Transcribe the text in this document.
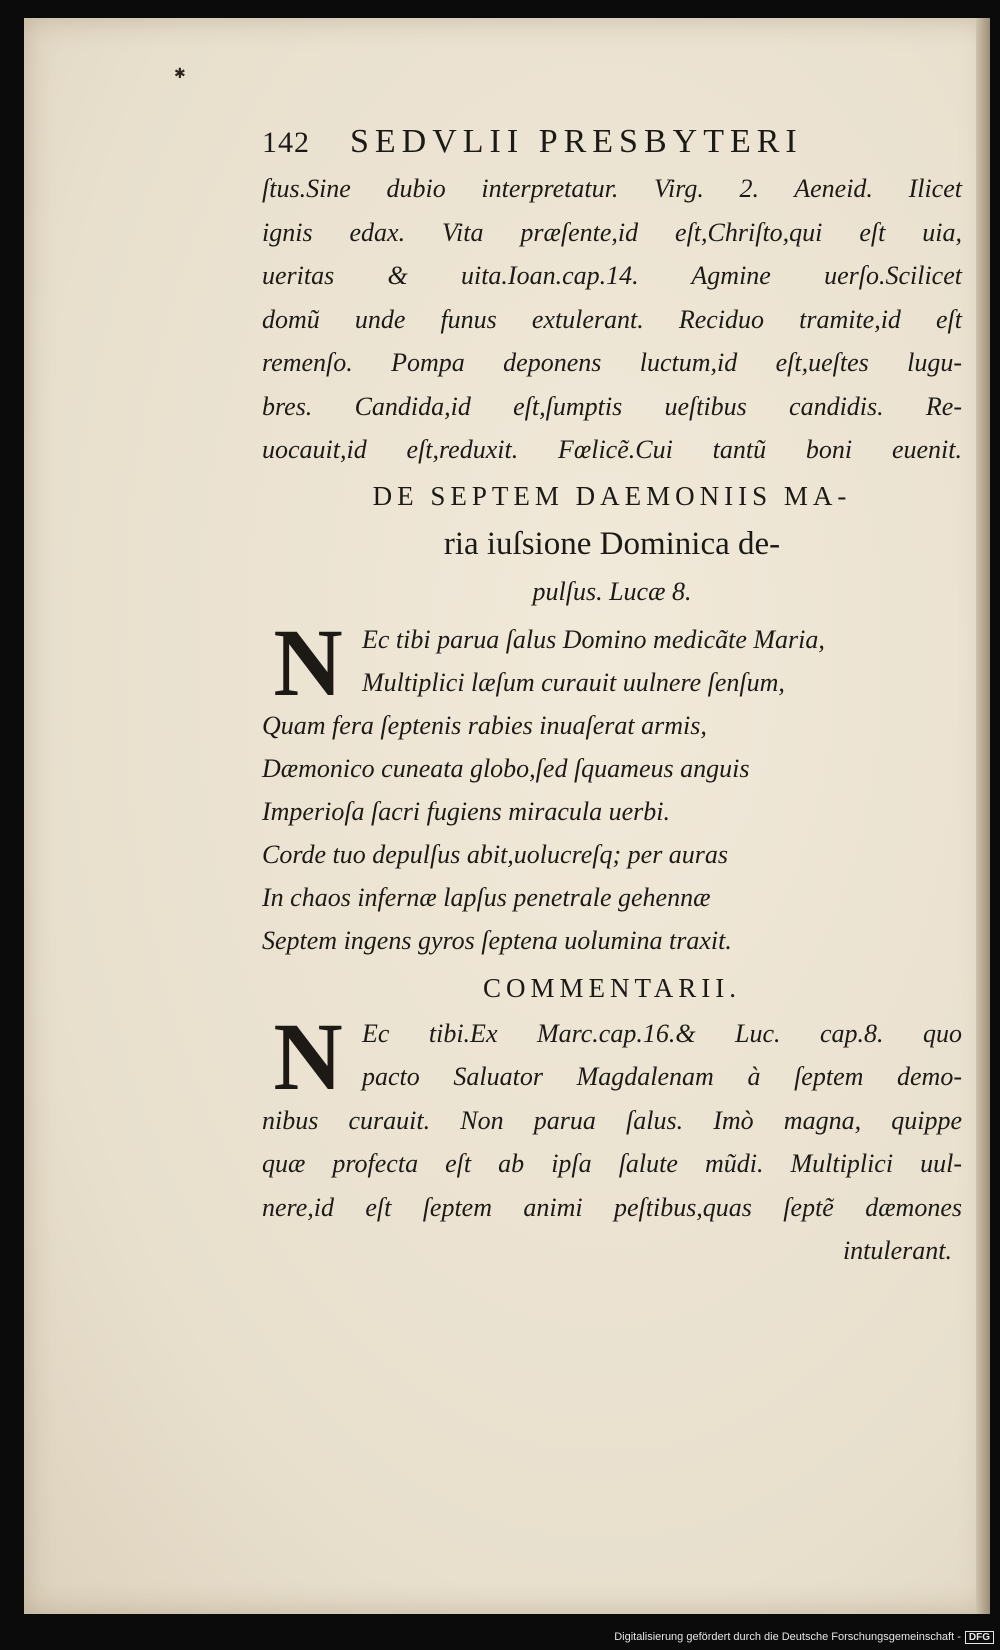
✱
142 SEDVLII PRESBYTERI
ſtus.Sine dubio interpretatur. Virg. 2. Aeneid. Ilicet
ignis edax. Vita præſente,id eſt,Chriſto,qui eſt uia,
ueritas & uita.Ioan.cap.14. Agmine uerſo.Scilicet
domũ unde funus extulerant. Reciduo tramite,id eſt
remenſo. Pompa deponens luctum,id eſt,ueſtes lugu-
bres. Candida,id eſt,ſumptis ueſtibus candidis. Re-
uocauit,id eſt,reduxit. Fœlicẽ.Cui tantũ boni euenit.
DE SEPTEM DAEMONIIS MA-
ria iuſsione Dominica de-
pulſus. Lucæ 8.
N Ec tibi parua ſalus Domino medicãte Maria,
Multiplici læſum curauit uulnere ſenſum,
Quam fera ſeptenis rabies inuaſerat armis,
Dæmonico cuneata globo,ſed ſquameus anguis
Imperioſa ſacri fugiens miracula uerbi.
Corde tuo depulſus abit,uolucreſq; per auras
In chaos infernæ lapſus penetrale gehennæ
Septem ingens gyros ſeptena uolumina traxit.
COMMENTARII.
N Ec tibi.Ex Marc.cap.16.& Luc. cap.8. quo
pacto Saluator Magdalenam à ſeptem demo-
nibus curauit. Non parua ſalus. Imò magna, quippe
quæ profecta eſt ab ipſa ſalute mũdi. Multiplici uul-
nere,id eſt ſeptem animi peſtibus,quas ſeptẽ dæmones
intulerant.
Digitalisierung gefördert durch die Deutsche Forschungsgemeinschaft - DFG
